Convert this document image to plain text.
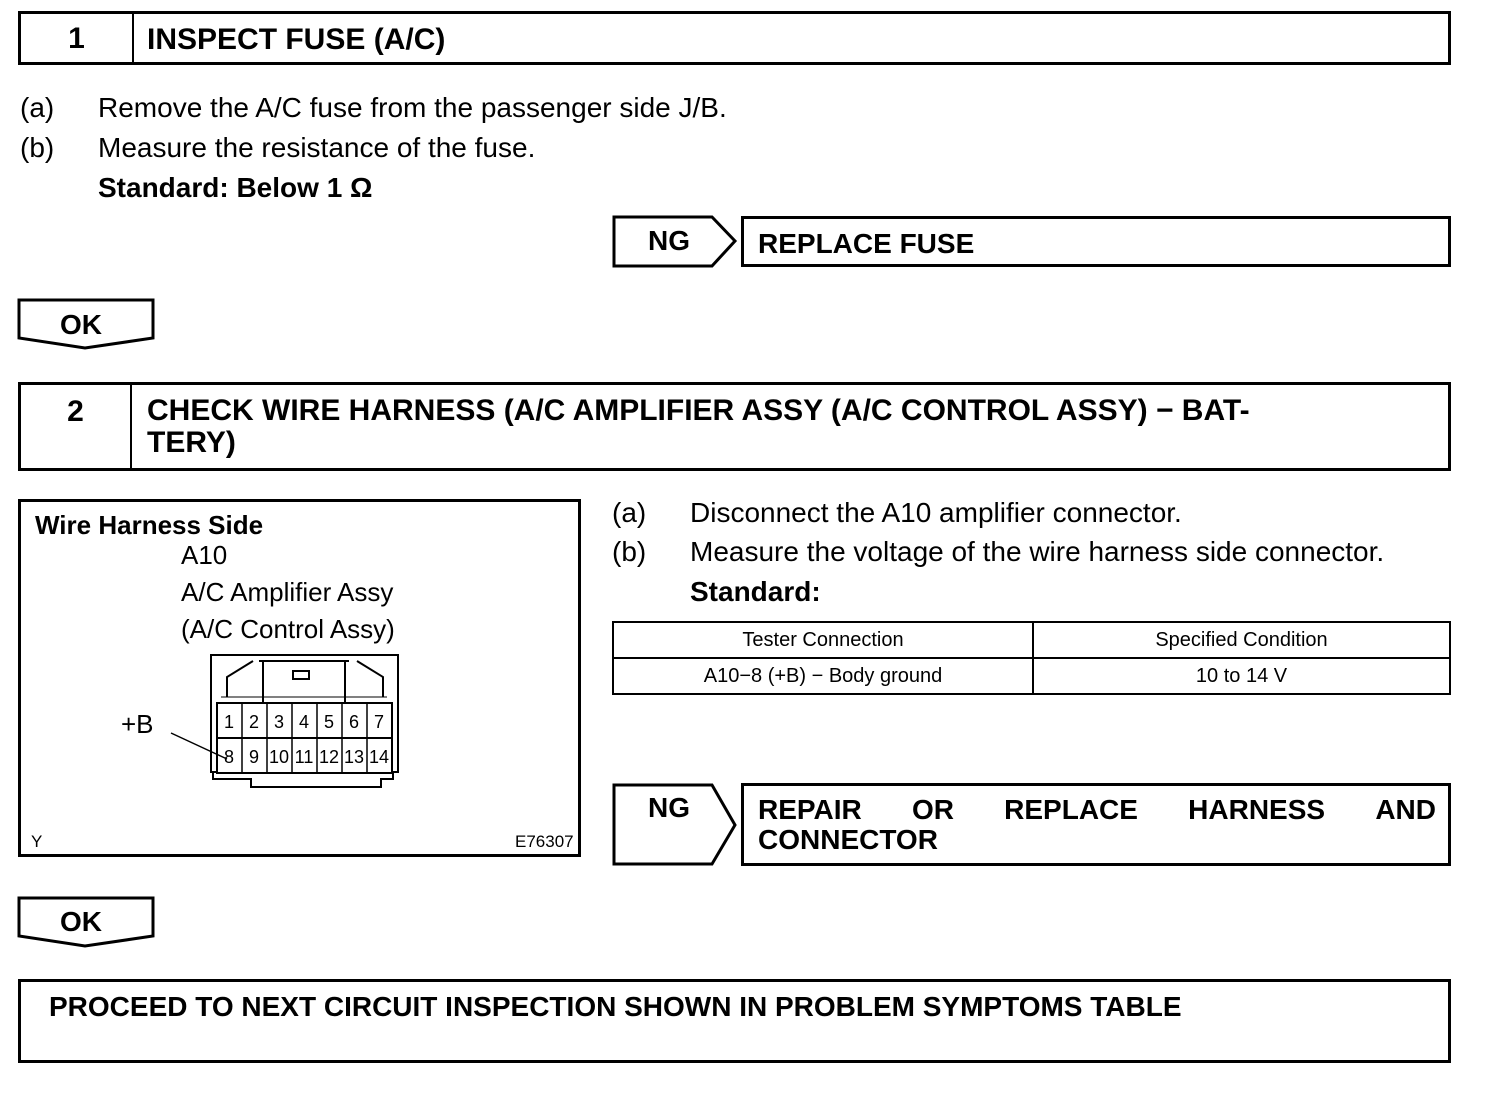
1	INSPECT FUSE (A/C)
(a) Remove the A/C fuse from the passenger side J/B.
(b) Measure the resistance of the fuse.
Standard: Below 1 Ω
NG REPLACE FUSE
OK
2	CHECK WIRE HARNESS (A/C AMPLIFIER ASSY (A/C CONTROL ASSY) − BAT-
TERY)
Wire Harness Side
A10
A/C Amplifier Assy
(A/C Control Assy)
+B	1 2 3 4 5 6 7
8 9 10 11 12 13 14
Y	E76307
(a) Disconnect the A10 amplifier connector.
(b) Measure the voltage of the wire harness side connector.
Standard:
Tester Connection	Specified Condition
A10−8 (+B) − Body ground	10 to 14 V
NG REPAIR OR REPLACE HARNESS AND
CONNECTOR
OK
PROCEED TO NEXT CIRCUIT INSPECTION SHOWN IN PROBLEM SYMPTOMS TABLE
